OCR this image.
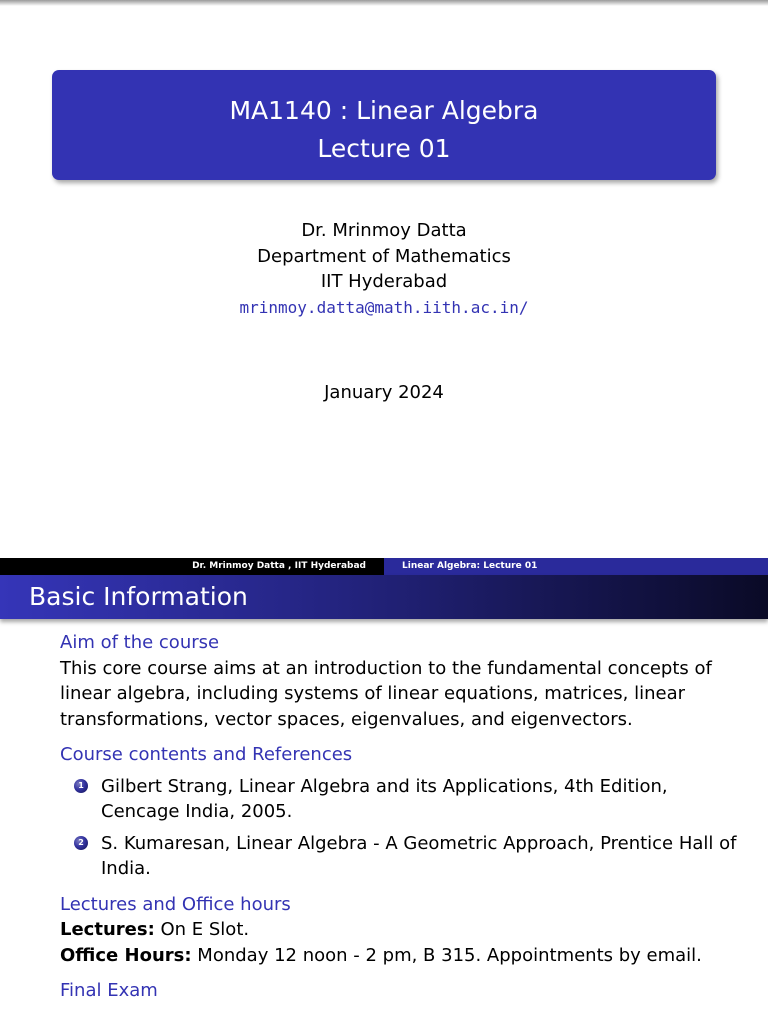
MA1140 : Linear Algebra
Lecture 01
Dr. Mrinmoy Datta
Department of Mathematics
IIT Hyderabad
mrinmoy.datta@math.iith.ac.in/
January 2024
Dr. Mrinmoy Datta , IIT Hyderabad	Linear Algebra: Lecture 01
Basic Information
Aim of the course
This core course aims at an introduction to the fundamental concepts of linear algebra, including systems of linear equations, matrices, linear transformations, vector spaces, eigenvalues, and eigenvectors.
Course contents and References
1 Gilbert Strang, Linear Algebra and its Applications, 4th Edition, Cencage India, 2005.
2 S. Kumaresan, Linear Algebra - A Geometric Approach, Prentice Hall of India.
Lectures and Office hours
Lectures: On E Slot.
Office Hours: Monday 12 noon - 2 pm, B 315. Appointments by email.
Final Exam
